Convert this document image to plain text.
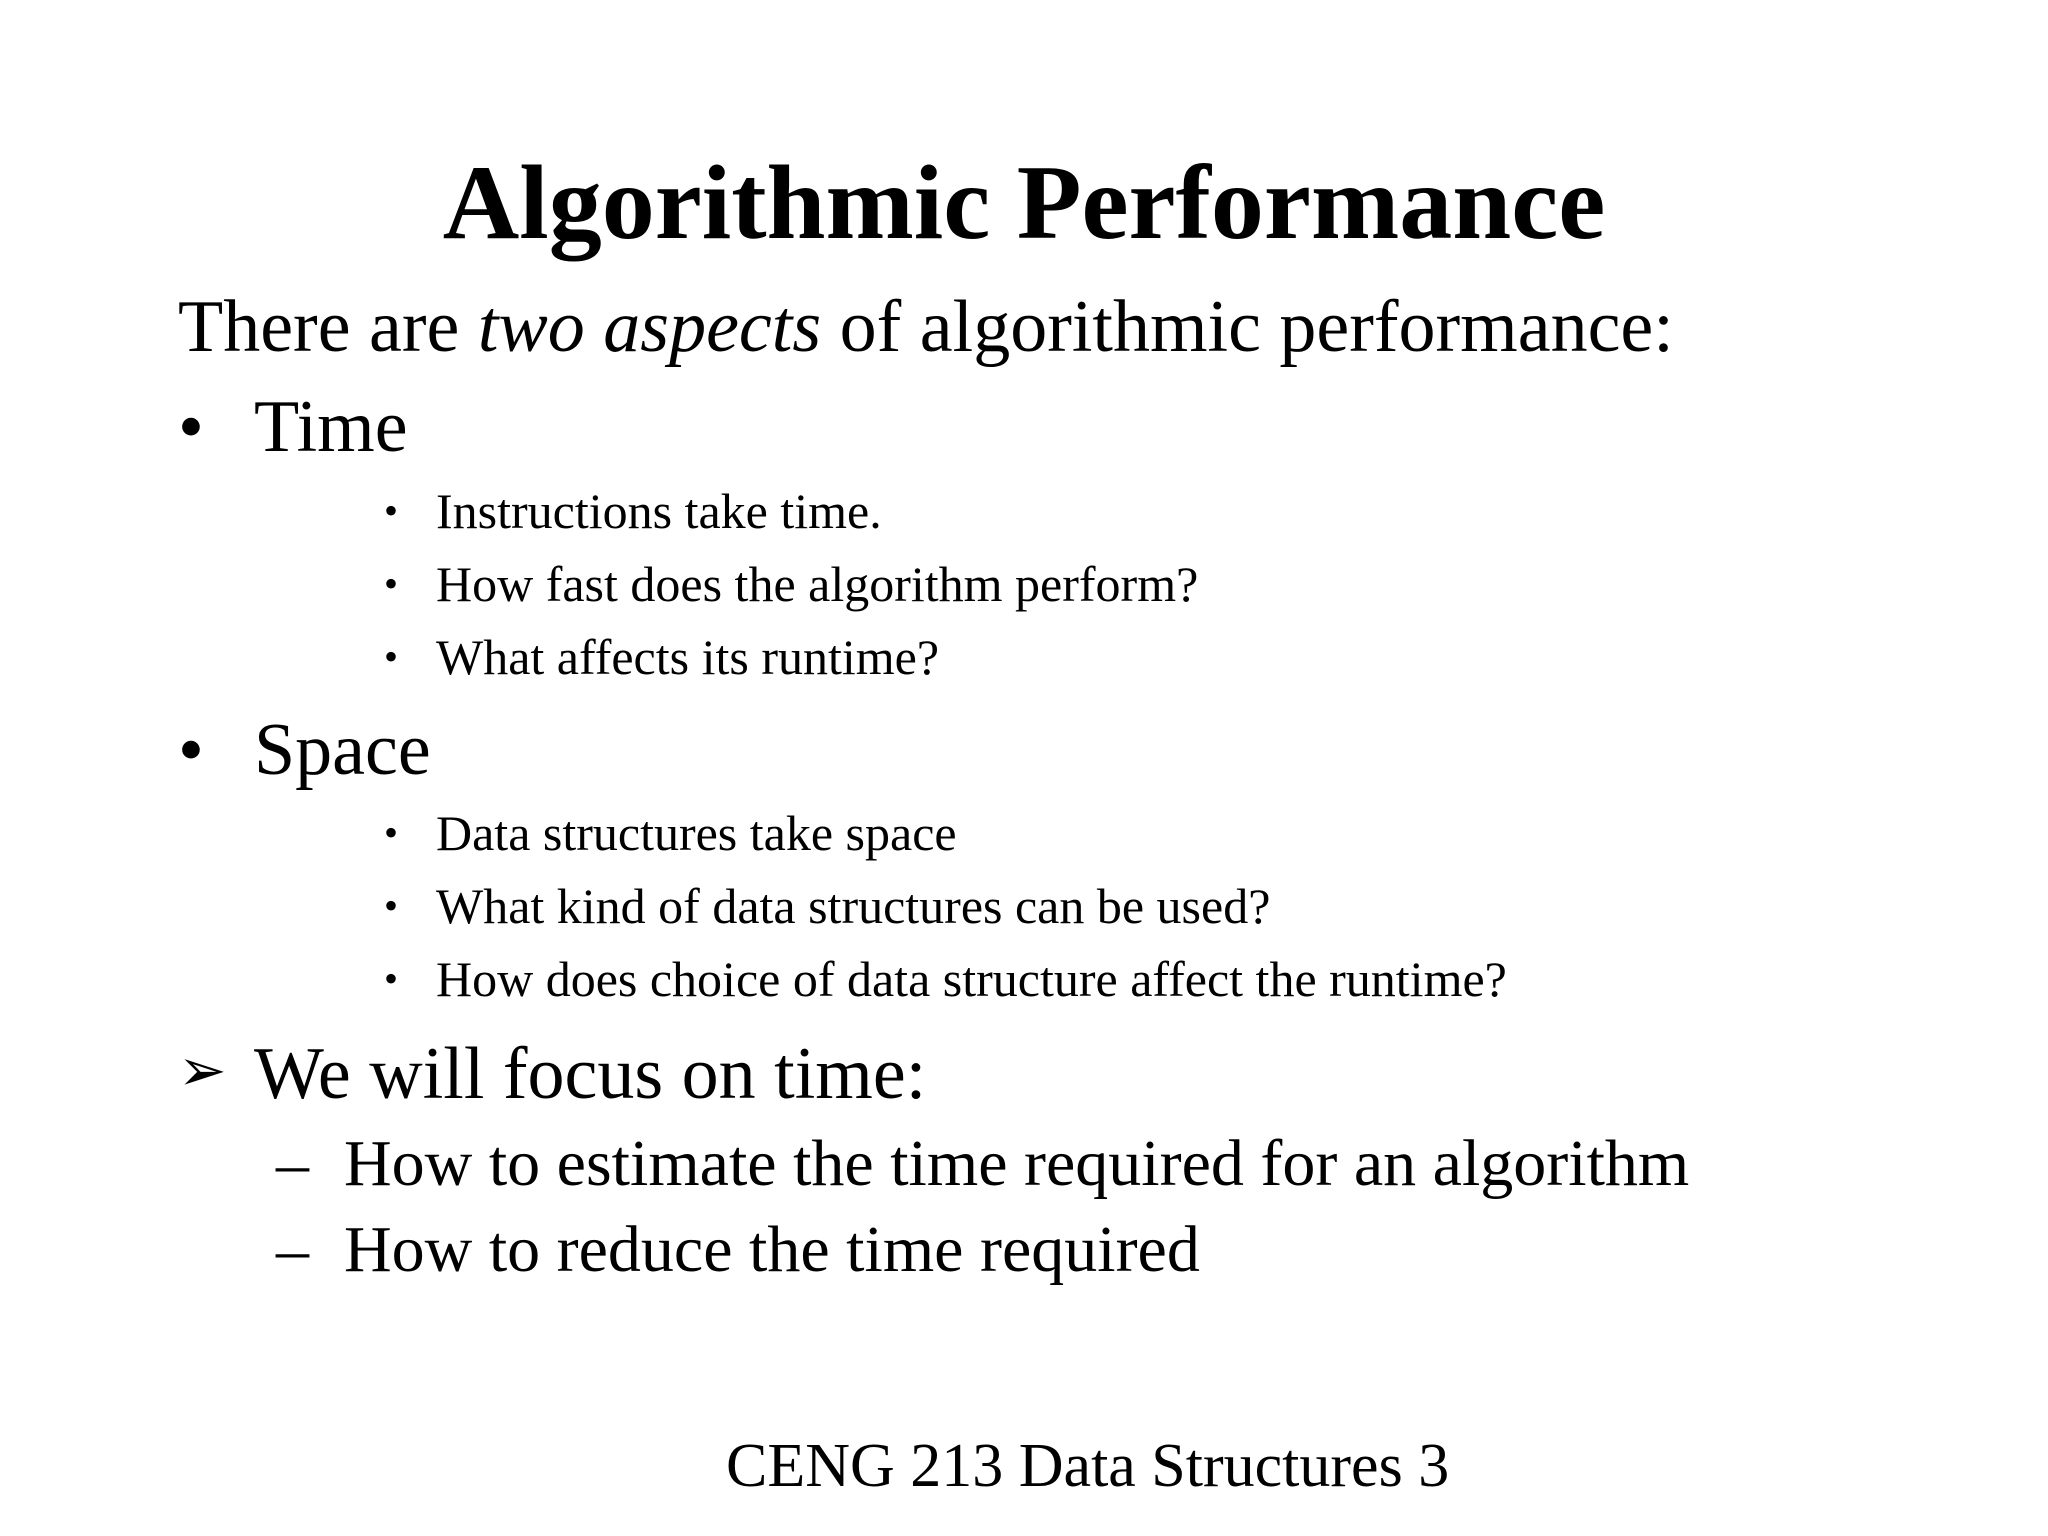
Algorithmic Performance
There are two aspects of algorithmic performance:
• Time
• Instructions take time.
• How fast does the algorithm perform?
• What affects its runtime?
• Space
• Data structures take space
• What kind of data structures can be used?
• How does choice of data structure affect the runtime?
➢ We will focus on time:
– How to estimate the time required for an algorithm
– How to reduce the time required
CENG 213 Data Structures 3
